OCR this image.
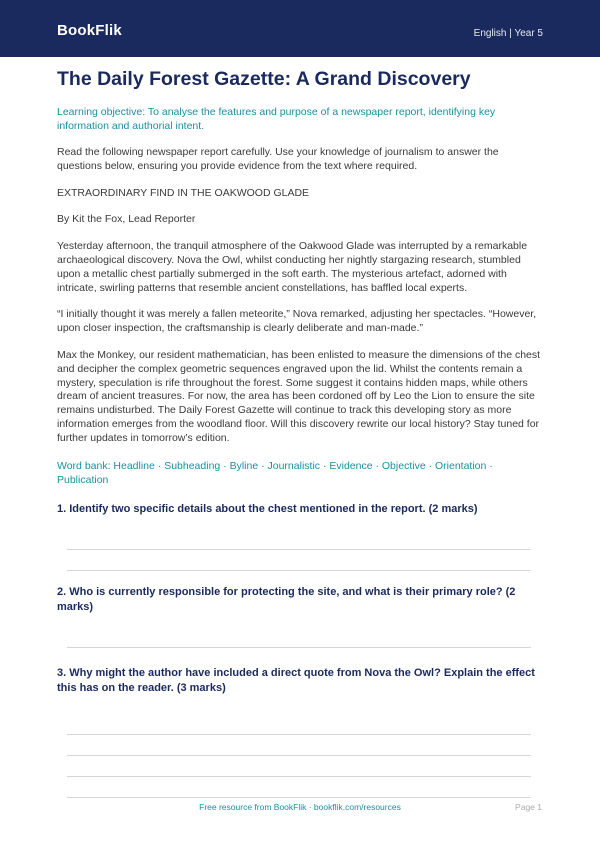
BookFlik	English | Year 5
The Daily Forest Gazette: A Grand Discovery

Learning objective: To analyse the features and purpose of a newspaper report, identifying key information and authorial intent.

Read the following newspaper report carefully. Use your knowledge of journalism to answer the questions below, ensuring you provide evidence from the text where required.

EXTRAORDINARY FIND IN THE OAKWOOD GLADE

By Kit the Fox, Lead Reporter

Yesterday afternoon, the tranquil atmosphere of the Oakwood Glade was interrupted by a remarkable archaeological discovery. Nova the Owl, whilst conducting her nightly stargazing research, stumbled upon a metallic chest partially submerged in the soft earth. The mysterious artefact, adorned with intricate, swirling patterns that resemble ancient constellations, has baffled local experts.

“I initially thought it was merely a fallen meteorite,” Nova remarked, adjusting her spectacles. “However, upon closer inspection, the craftsmanship is clearly deliberate and man-made.”

Max the Monkey, our resident mathematician, has been enlisted to measure the dimensions of the chest and decipher the complex geometric sequences engraved upon the lid. Whilst the contents remain a mystery, speculation is rife throughout the forest. Some suggest it contains hidden maps, while others dream of ancient treasures. For now, the area has been cordoned off by Leo the Lion to ensure the site remains undisturbed. The Daily Forest Gazette will continue to track this developing story as more information emerges from the woodland floor. Will this discovery rewrite our local history? Stay tuned for further updates in tomorrow’s edition.

Word bank: Headline · Subheading · Byline · Journalistic · Evidence · Objective · Orientation · Publication

1. Identify two specific details about the chest mentioned in the report. (2 marks)
2. Who is currently responsible for protecting the site, and what is their primary role? (2 marks)
3. Why might the author have included a direct quote from Nova the Owl? Explain the effect this has on the reader. (3 marks)
Free resource from BookFlik · bookflik.com/resources	Page 1
